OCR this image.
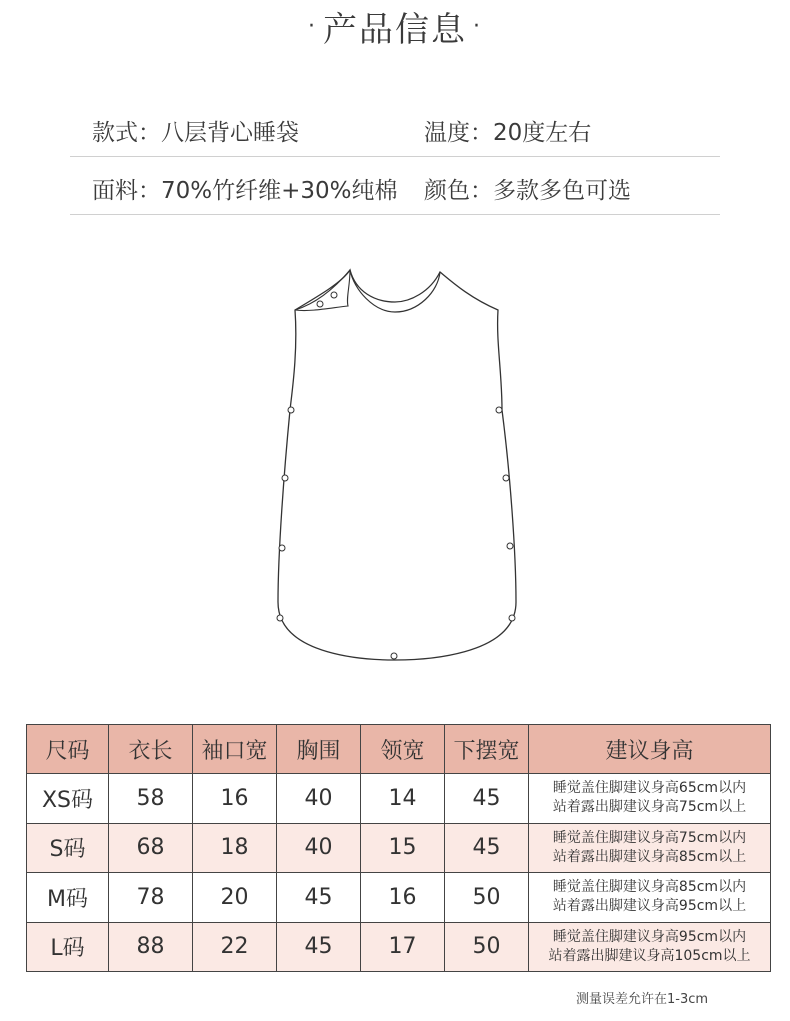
· 产品信息 ·
款式：八层背心睡袋	温度：20度左右
面料：70%竹纤维+30%纯棉 颜色：多款多色可选
尺码	衣长	袖口宽	胸围	领宽	下摆宽	建议身高
XS码	58	16	40	14	45	睡觉盖住脚建议身高65cm以内
站着露出脚建议身高75cm以上

S码	68	18	40	15	45	睡觉盖住脚建议身高75cm以内
站着露出脚建议身高85cm以上

M码	78	20	45	16	50	睡觉盖住脚建议身高85cm以内
站着露出脚建议身高95cm以上

L码	88	22	45	17	50	睡觉盖住脚建议身高95cm以内
站着露出脚建议身高105cm以上
测量误差允许在1-3cm
